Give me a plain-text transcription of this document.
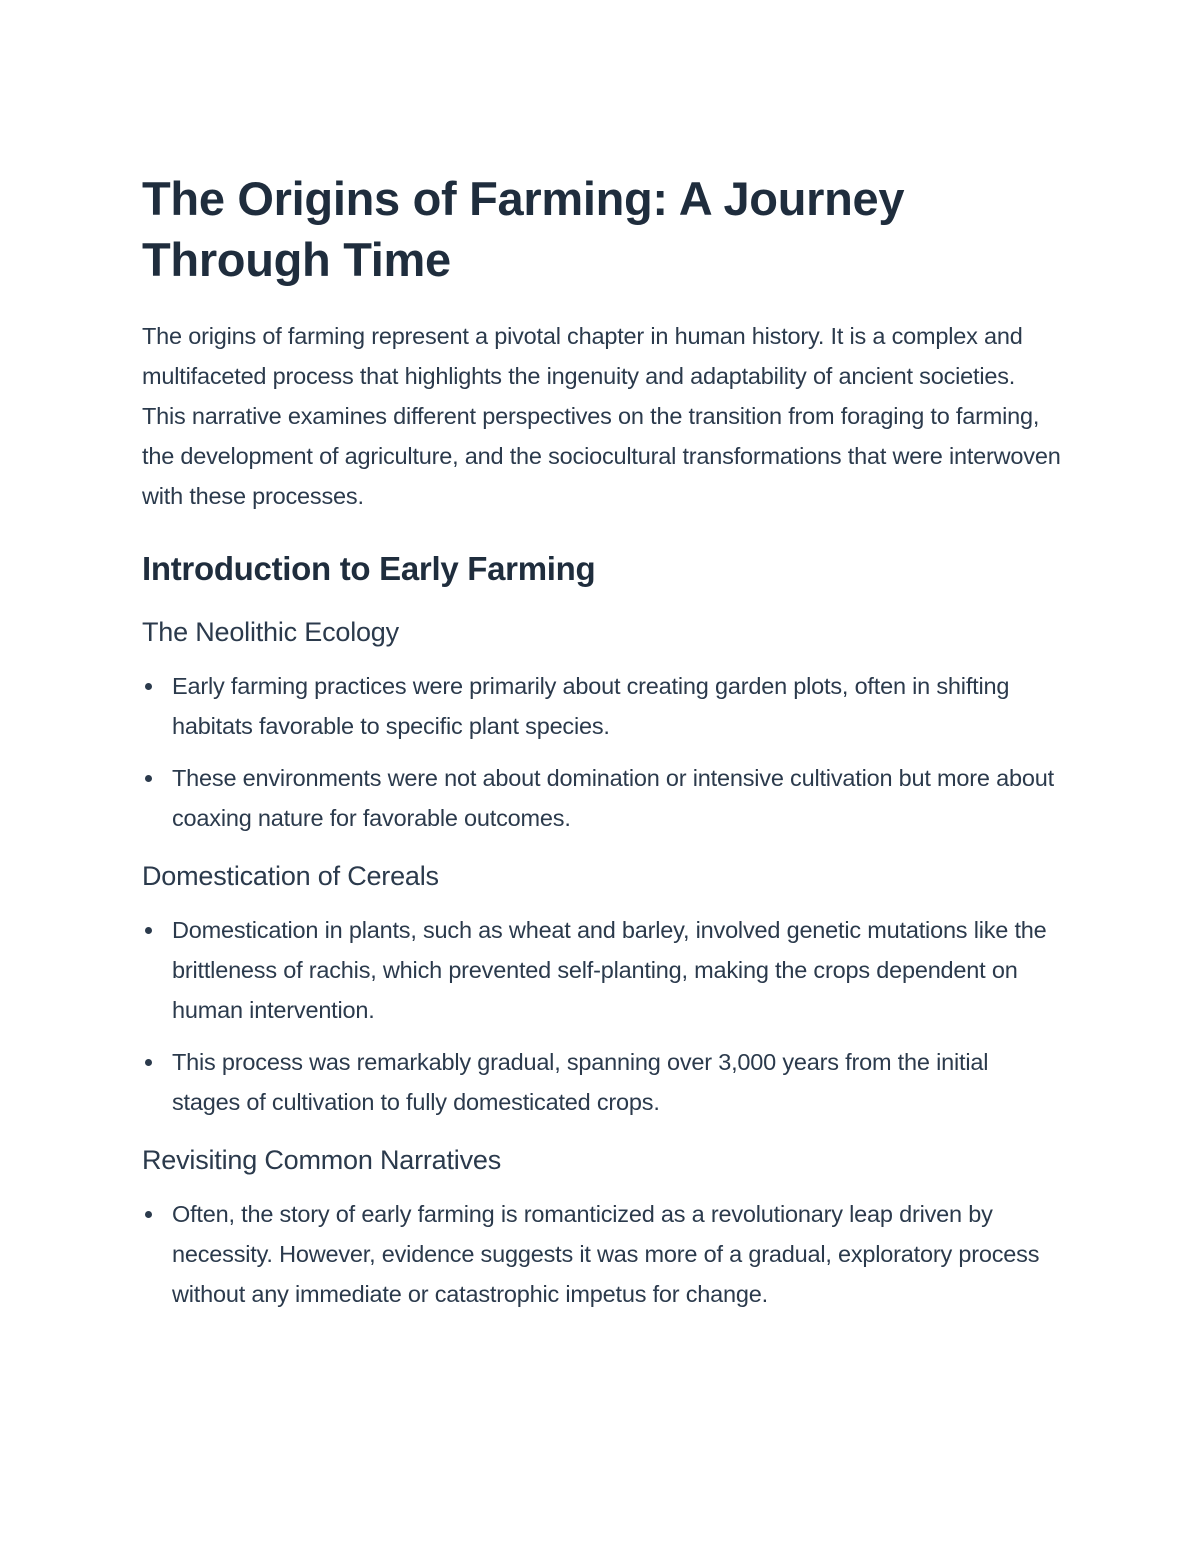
The Origins of Farming: A Journey Through Time

The origins of farming represent a pivotal chapter in human history. It is a complex and multifaceted process that highlights the ingenuity and adaptability of ancient societies. This narrative examines different perspectives on the transition from foraging to farming, the development of agriculture, and the sociocultural transformations that were interwoven with these processes.

Introduction to Early Farming
The Neolithic Ecology
Early farming practices were primarily about creating garden plots, often in shifting habitats favorable to specific plant species.
These environments were not about domination or intensive cultivation but more about coaxing nature for favorable outcomes.
Domestication of Cereals
Domestication in plants, such as wheat and barley, involved genetic mutations like the brittleness of rachis, which prevented self-planting, making the crops dependent on human intervention.
This process was remarkably gradual, spanning over 3,000 years from the initial stages of cultivation to fully domesticated crops.
Revisiting Common Narratives
Often, the story of early farming is romanticized as a revolutionary leap driven by necessity. However, evidence suggests it was more of a gradual, exploratory process without any immediate or catastrophic impetus for change.
